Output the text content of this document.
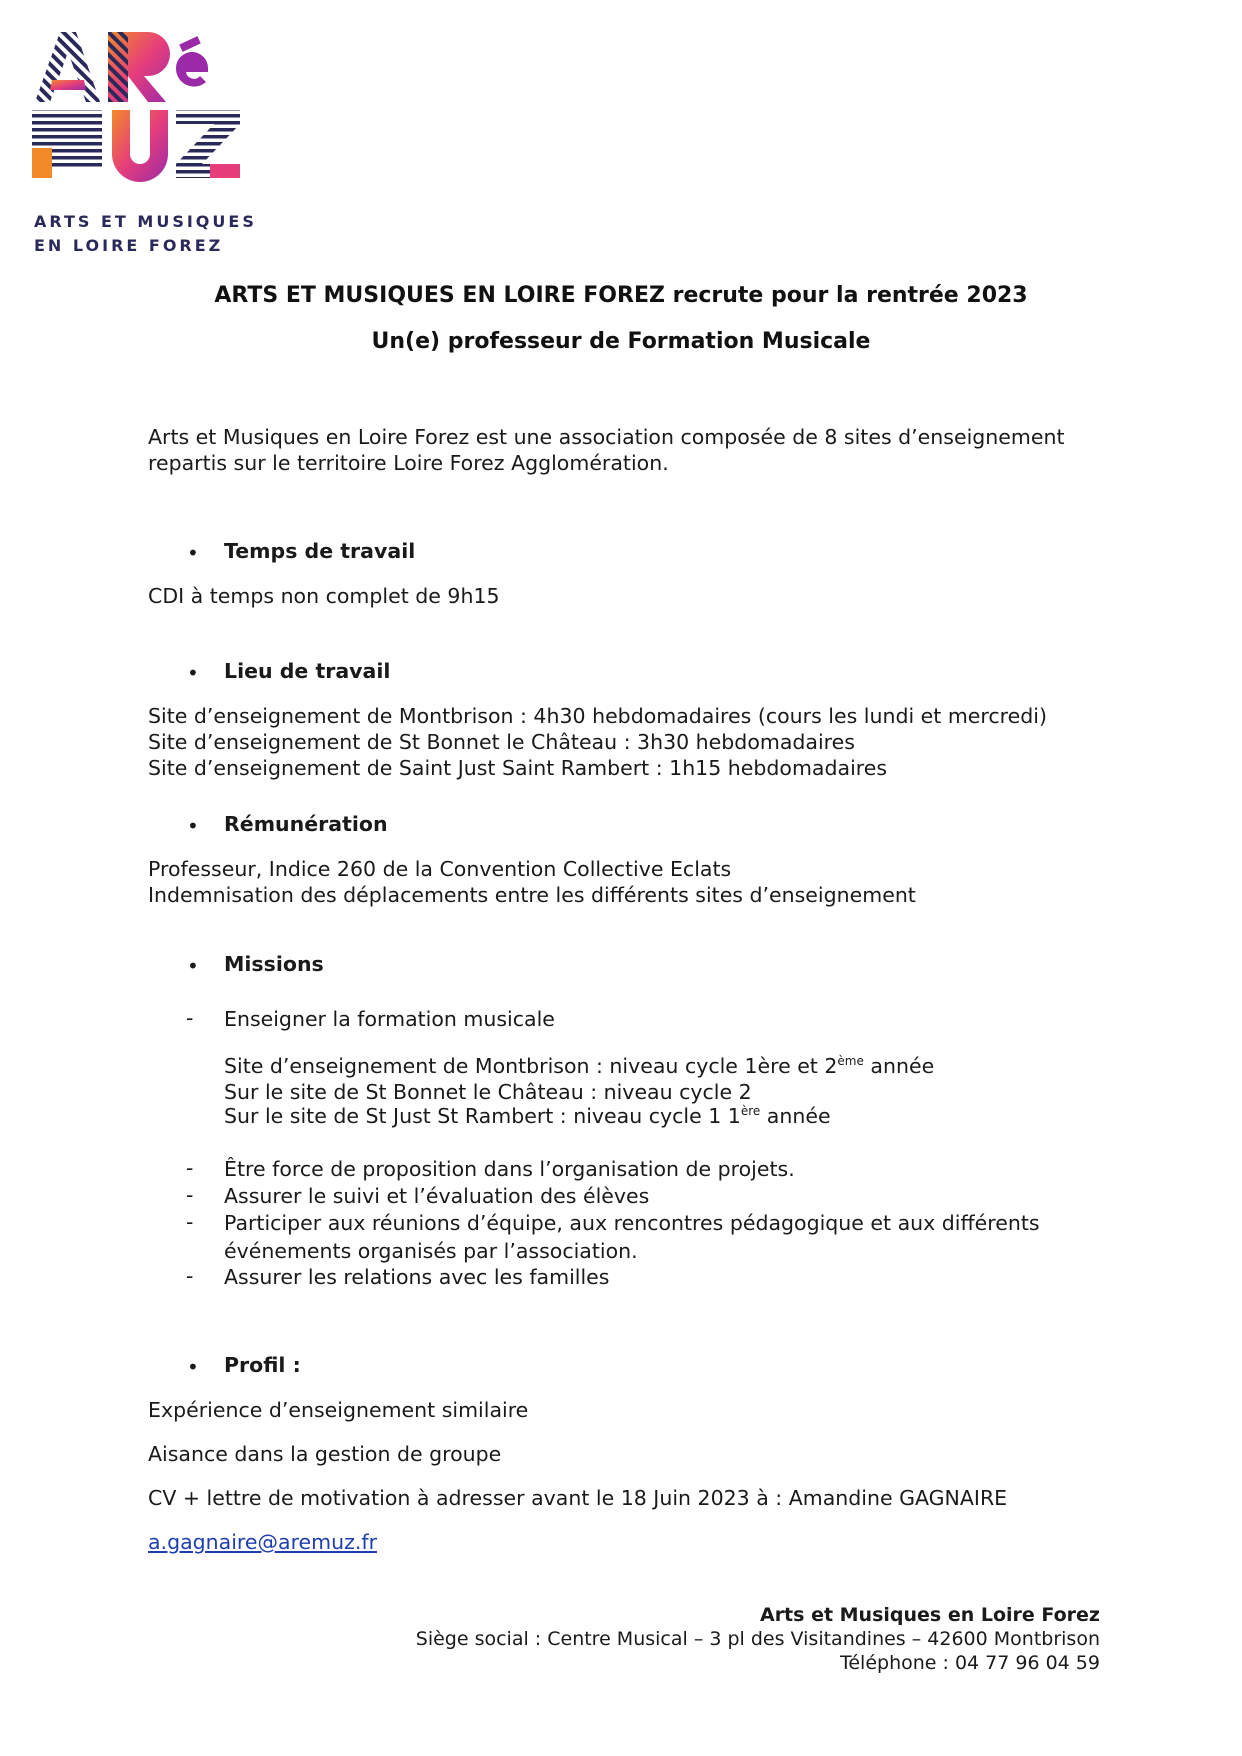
ARTS ET MUSIQUES
EN LOIRE FOREZ
ARTS ET MUSIQUES EN LOIRE FOREZ recrute pour la rentrée 2023
Un(e) professeur de Formation Musicale
Arts et Musiques en Loire Forez est une association composée de 8 sites d’enseignement
repartis sur le territoire Loire Forez Agglomération.
• Temps de travail
CDI à temps non complet de 9h15
• Lieu de travail
Site d’enseignement de Montbrison : 4h30 hebdomadaires (cours les lundi et mercredi)
Site d’enseignement de St Bonnet le Château : 3h30 hebdomadaires
Site d’enseignement de Saint Just Saint Rambert : 1h15 hebdomadaires
• Rémunération
Professeur, Indice 260 de la Convention Collective Eclats
Indemnisation des déplacements entre les différents sites d’enseignement
• Missions
- Enseigner la formation musicale
Site d’enseignement de Montbrison : niveau cycle 1ère et 2ème année
Sur le site de St Bonnet le Château : niveau cycle 2
Sur le site de St Just St Rambert : niveau cycle 1 1ère année
- Être force de proposition dans l’organisation de projets.
- Assurer le suivi et l’évaluation des élèves
- Participer aux réunions d’équipe, aux rencontres pédagogique et aux différents
événements organisés par l’association.
- Assurer les relations avec les familles
• Profil :
Expérience d’enseignement similaire
Aisance dans la gestion de groupe
CV + lettre de motivation à adresser avant le 18 Juin 2023 à : Amandine GAGNAIRE
a.gagnaire@aremuz.fr
Arts et Musiques en Loire Forez
Siège social : Centre Musical – 3 pl des Visitandines – 42600 Montbrison
Téléphone : 04 77 96 04 59
